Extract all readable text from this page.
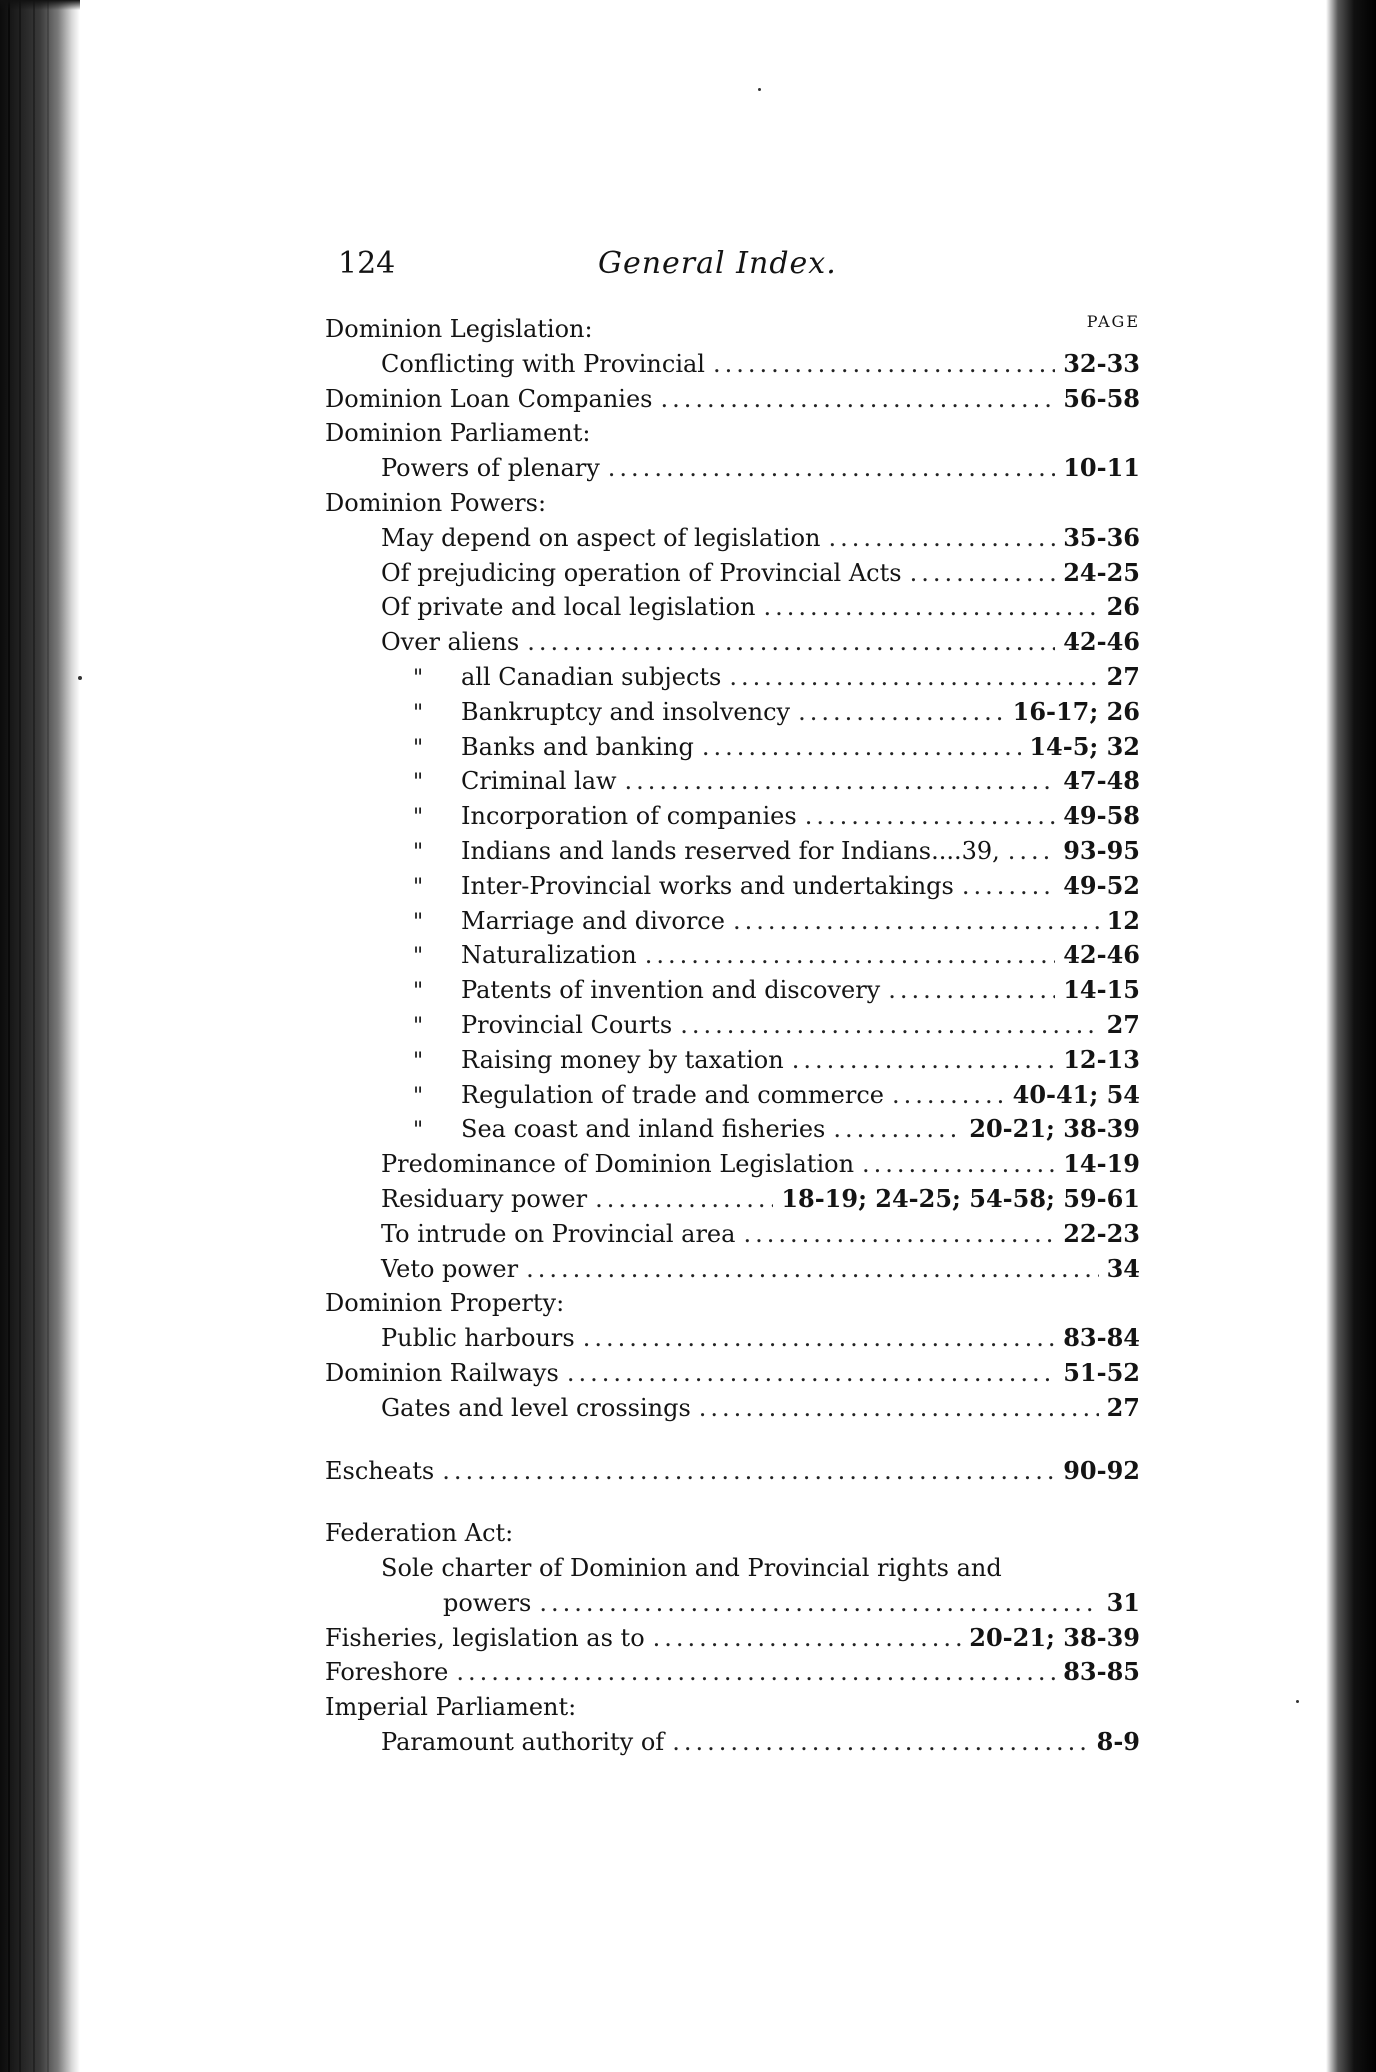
124	General Index.
PAGE
Dominion Legislation:
Conflicting with Provincial .....	32-33
Dominion Loan Companies .....	56-58
Dominion Parliament:
Powers of plenary .....	10-11
Dominion Powers:
May depend on aspect of legislation .....	35-36
Of prejudicing operation of Provincial Acts .....	24-25
Of private and local legislation .....	26
Over aliens .....	42-46
"	all Canadian subjects .....	27
"	Bankruptcy and insolvency .....	16-17; 26
"	Banks and banking .....	14-5; 32
"	Criminal law .....	47-48
"	Incorporation of companies .....	49-58
"	Indians and lands reserved for Indians....39, .....	93-95
"	Inter-Provincial works and undertakings .....	49-52
"	Marriage and divorce .....	12
"	Naturalization .....	42-46
"	Patents of invention and discovery .....	14-15
"	Provincial Courts .....	27
"	Raising money by taxation .....	12-13
"	Regulation of trade and commerce .....	40-41; 54
"	Sea coast and inland fisheries .....	20-21; 38-39
Predominance of Dominion Legislation .....	14-19
Residuary power .....	18-19; 24-25; 54-58; 59-61
To intrude on Provincial area .....	22-23
Veto power .....	34
Dominion Property:
Public harbours .....	83-84
Dominion Railways .....	51-52
Gates and level crossings .....	27
Escheats .....	90-92
Federation Act:
Sole charter of Dominion and Provincial rights and
powers .....	31
Fisheries, legislation as to .....	20-21; 38-39
Foreshore .....	83-85
Imperial Parliament:
Paramount authority of .....	8-9
